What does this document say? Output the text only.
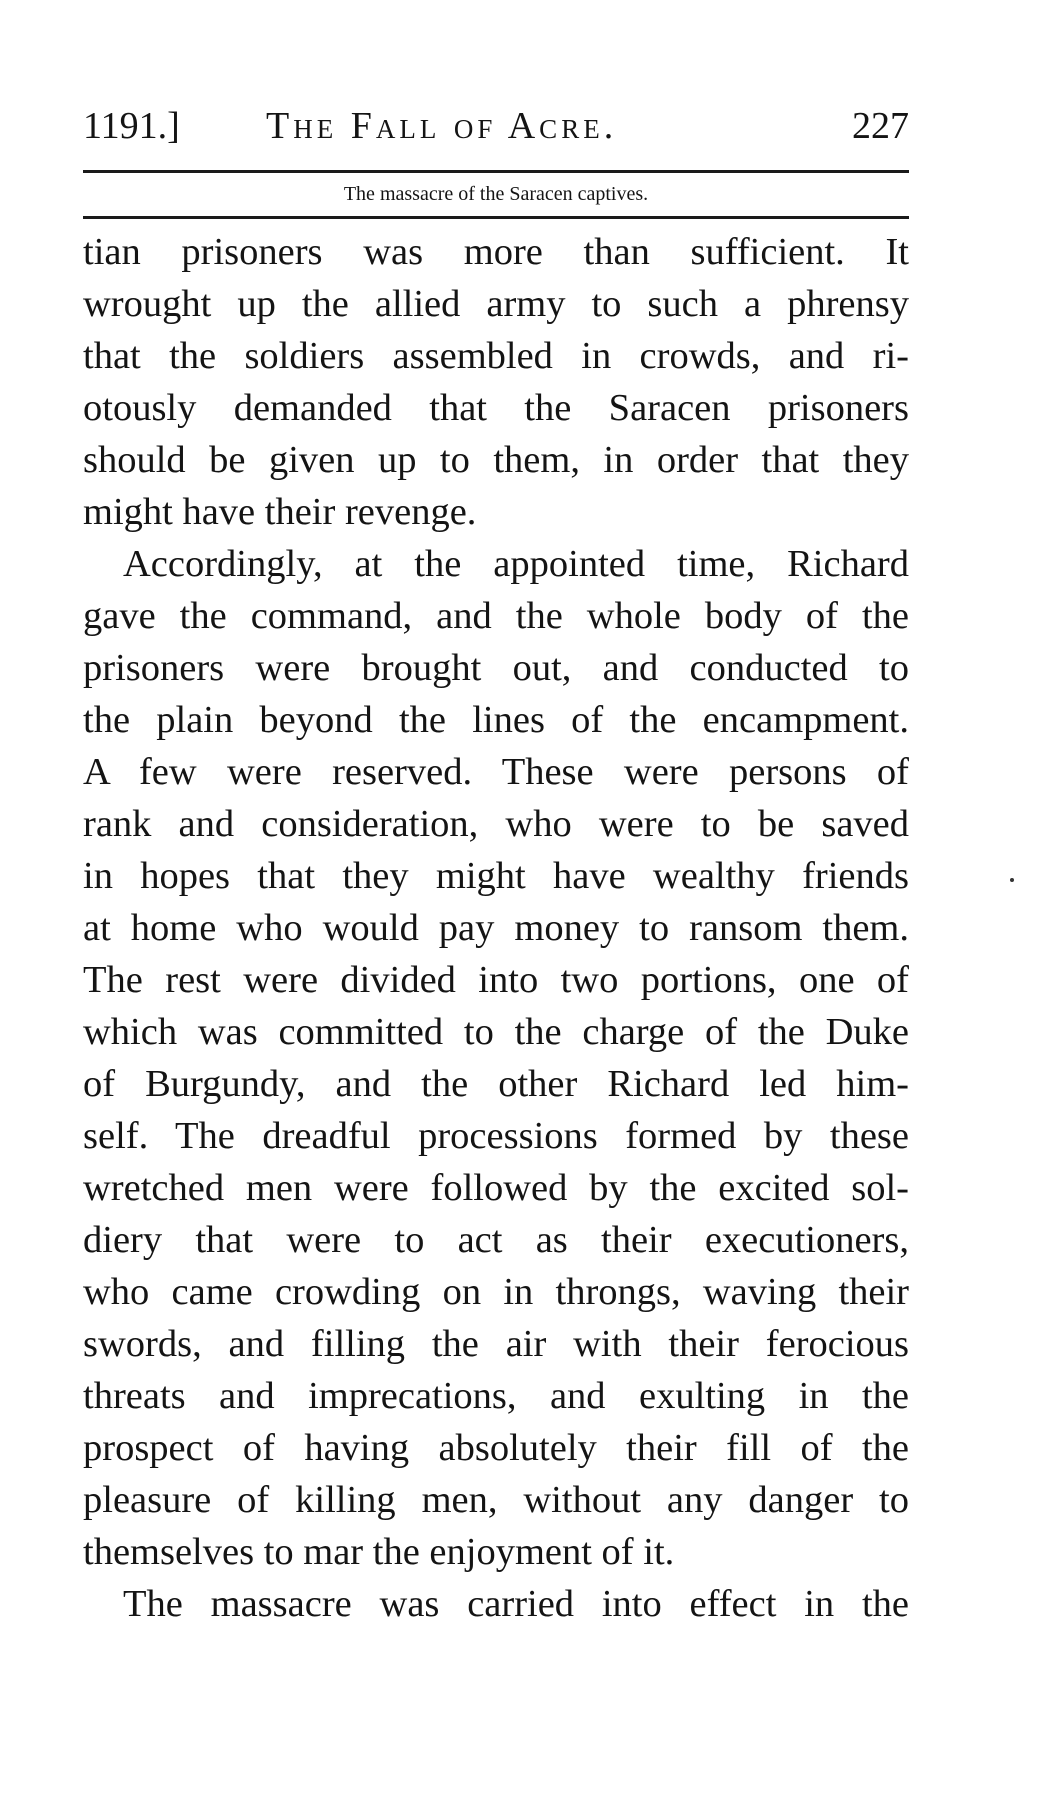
1191.] The Fall of Acre.	227
The massacre of the Saracen captives.
tian prisoners was more than sufficient. It
wrought up the allied army to such a phrensy
that the soldiers assembled in crowds, and ri-
otously demanded that the Saracen prisoners
should be given up to them, in order that they
might have their revenge.
Accordingly, at the appointed time, Richard
gave the command, and the whole body of the
prisoners were brought out, and conducted to
the plain beyond the lines of the encampment.
A few were reserved. These were persons of
rank and consideration, who were to be saved
in hopes that they might have wealthy friends
at home who would pay money to ransom them.
The rest were divided into two portions, one of
which was committed to the charge of the Duke
of Burgundy, and the other Richard led him-
self. The dreadful processions formed by these
wretched men were followed by the excited sol-
diery that were to act as their executioners,
who came crowding on in throngs, waving their
swords, and filling the air with their ferocious
threats and imprecations, and exulting in the
prospect of having absolutely their fill of the
pleasure of killing men, without any danger to
themselves to mar the enjoyment of it.
The massacre was carried into effect in the
